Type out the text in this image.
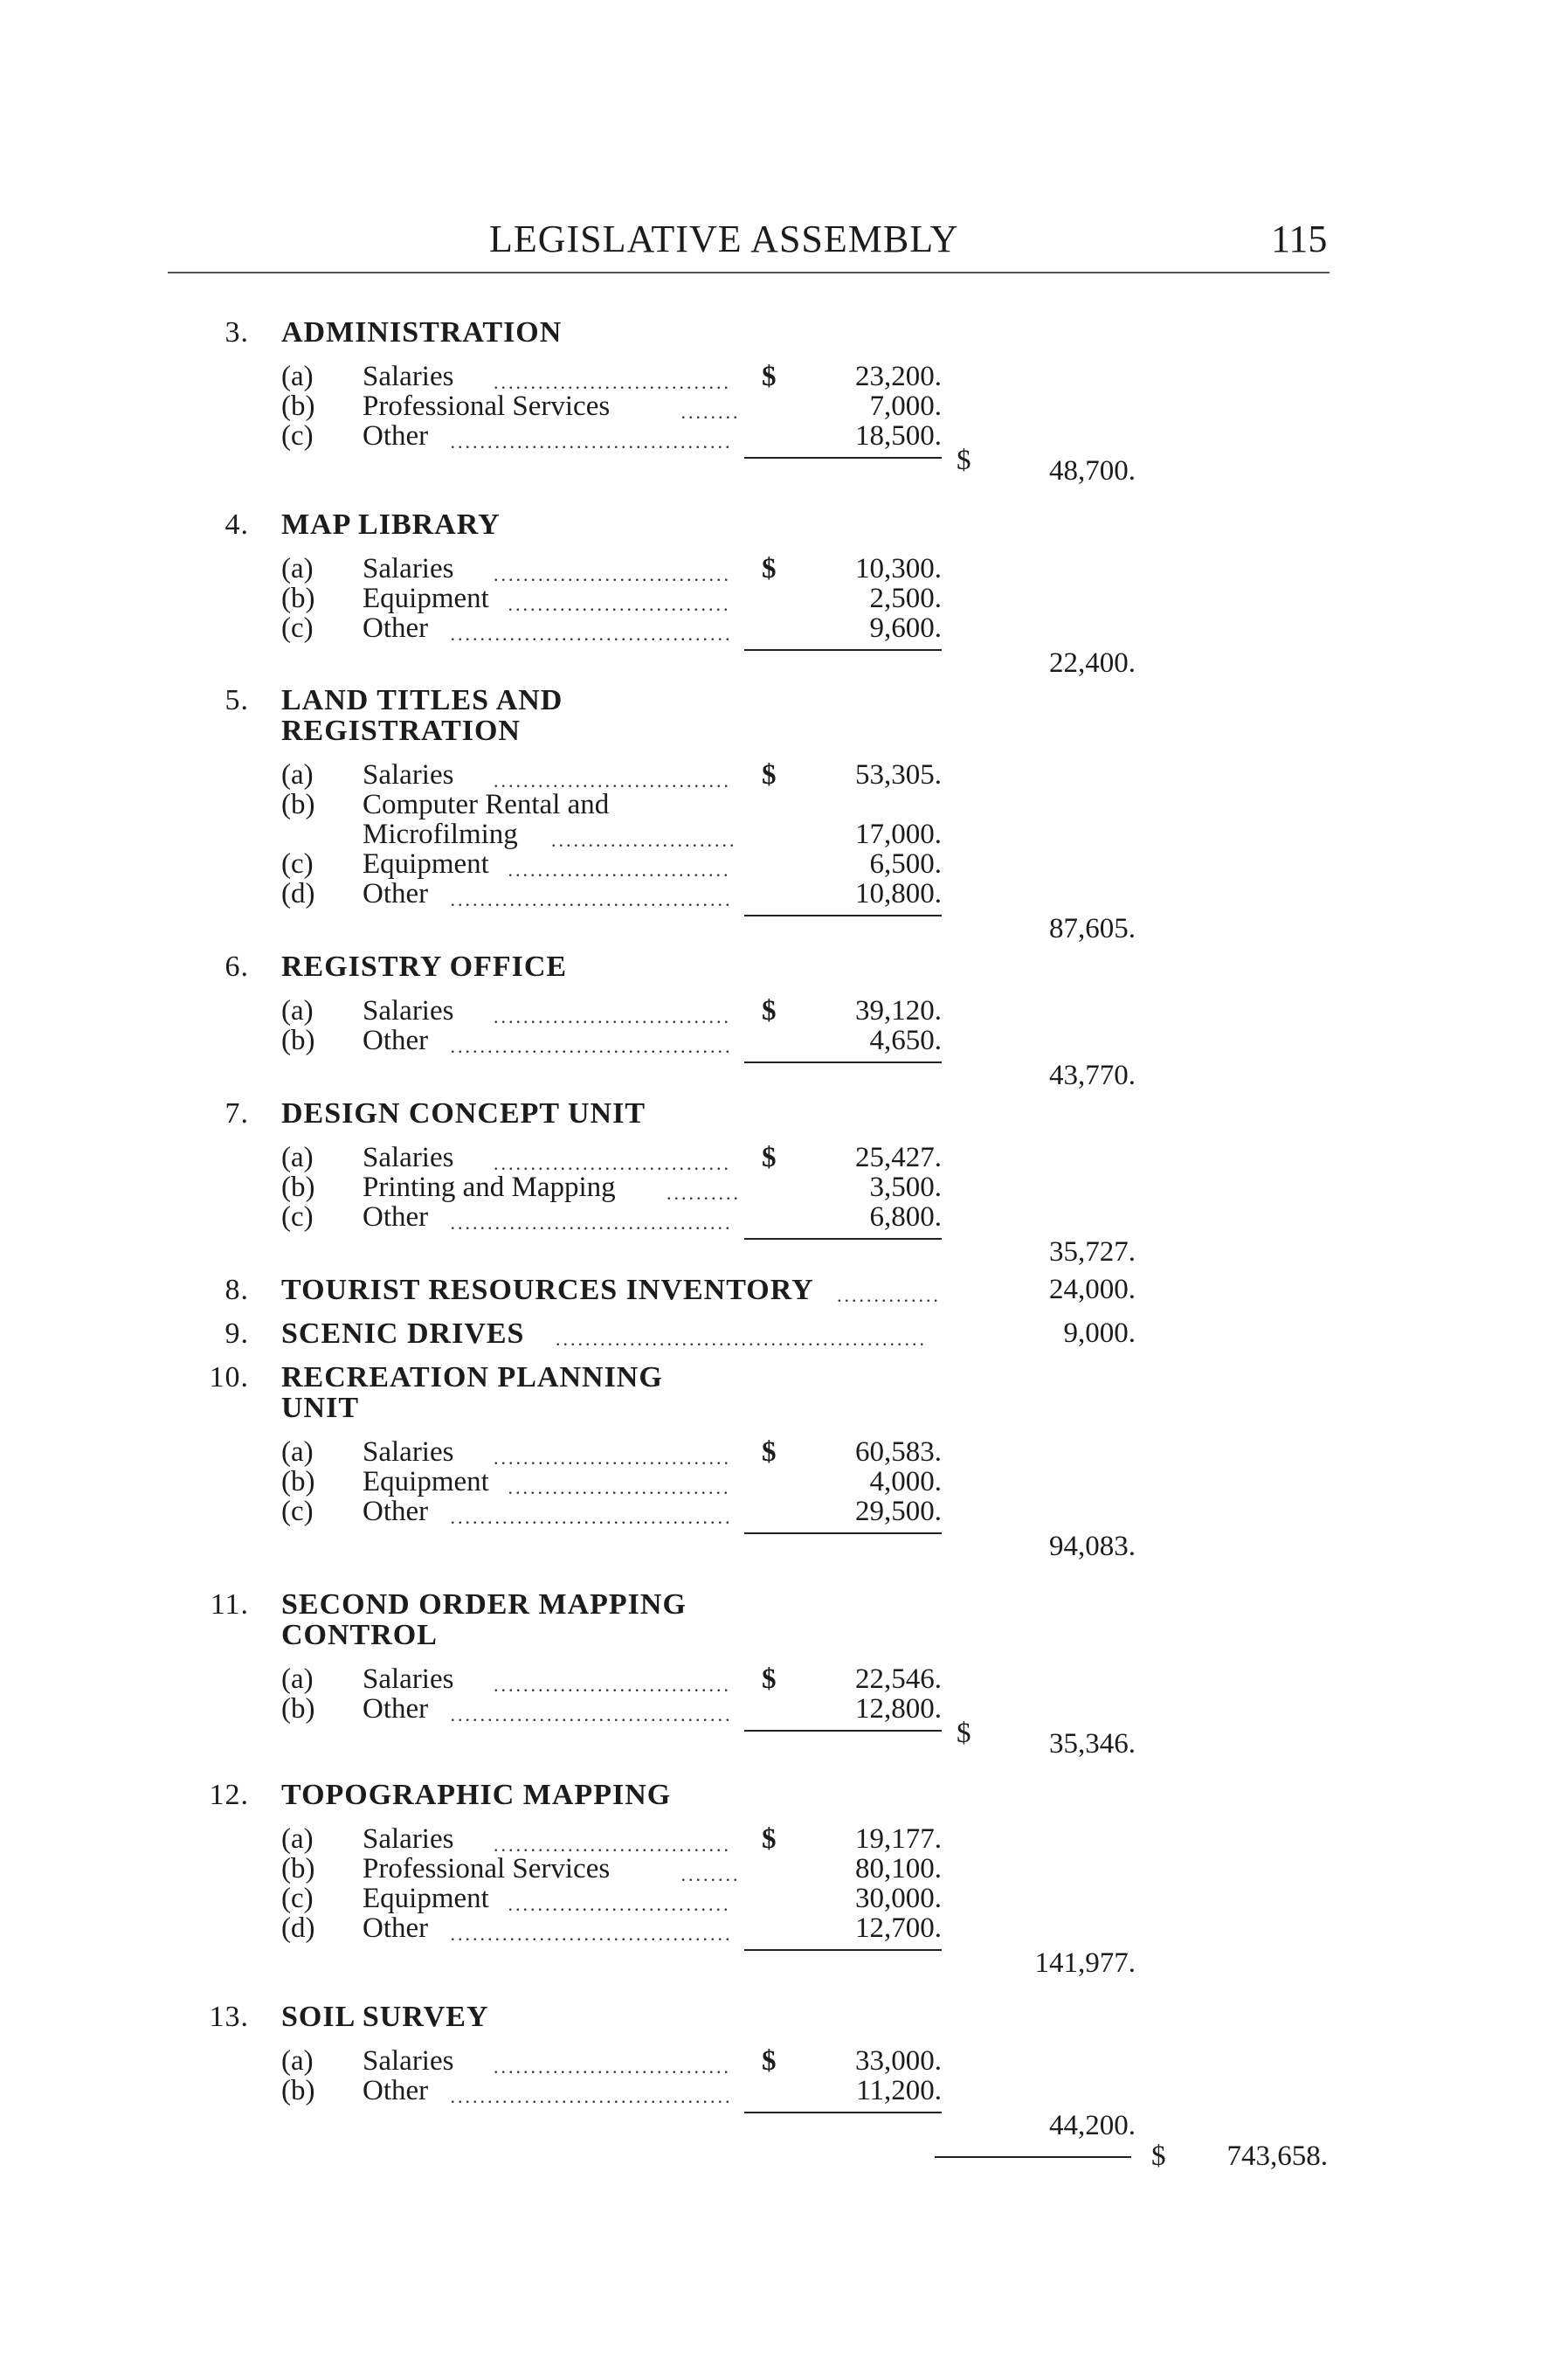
LEGISLATIVE ASSEMBLY	115
3. ADMINISTRATION
(a) Salaries ................................	$	23,200.
(b) Professional Services	........	7,000.
(c) Other ......................................	18,500.
$	48,700.
4. MAP LIBRARY
(a) Salaries ................................	$	10,300.
(b) Equipment ..............................	2,500.
(c) Other ......................................	9,600.
22,400.
5. LAND TITLES AND
REGISTRATION
(a) Salaries ................................	$	53,305.
(b) Computer Rental and
Microfilming .........................	17,000.
(c) Equipment ..............................	6,500.
(d) Other ......................................	10,800.
87,605.
6. REGISTRY OFFICE
(a) Salaries ................................	$	39,120.
(b) Other ......................................	4,650.
43,770.
7. DESIGN CONCEPT UNIT
(a) Salaries ................................	$	25,427.
(b) Printing and Mapping	..........	3,500.
(c) Other ......................................	6,800.
35,727.
8. TOURIST RESOURCES INVENTORY ..............	24,000.
9. SCENIC DRIVES ..................................................	9,000.
10. RECREATION PLANNING
UNIT
(a) Salaries ................................	$	60,583.
(b) Equipment ..............................	4,000.
(c) Other ......................................	29,500.
94,083.
11. SECOND ORDER MAPPING
CONTROL
(a) Salaries ................................	$	22,546.
(b) Other ......................................	12,800.
$	35,346.
12. TOPOGRAPHIC MAPPING
(a) Salaries ................................	$	19,177.
(b) Professional Services	........	80,100.
(c) Equipment ..............................	30,000.
(d) Other ......................................	12,700.
141,977.
13. SOIL SURVEY
(a) Salaries ................................	$	33,000.
(b) Other ......................................	11,200.
44,200.
$	743,658.
